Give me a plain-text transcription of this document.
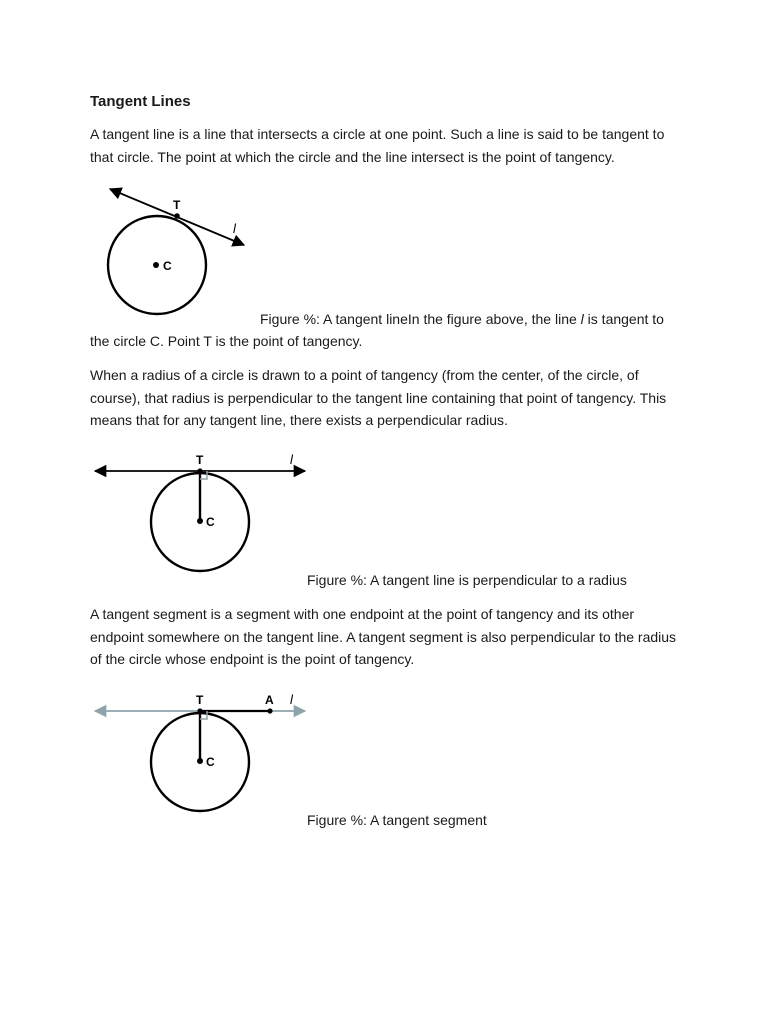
Tangent Lines

A tangent line is a line that intersects a circle at one point. Such a line is said to be tangent to that circle. The point at which the circle and the line intersect is the point of tangency.

T
l
C
Figure %: A tangent lineIn the figure above, the line l is tangent to
the circle C. Point T is the point of tangency.

When a radius of a circle is drawn to a point of tangency (from the center, of the circle, of course), that radius is perpendicular to the tangent line containing that point of tangency. This means that for any tangent line, there exists a perpendicular radius.

T	l
C
Figure %: A tangent line is perpendicular to a radius

A tangent segment is a segment with one endpoint at the point of tangency and its other endpoint somewhere on the tangent line. A tangent segment is also perpendicular to the radius of the circle whose endpoint is the point of tangency.

T	A l
C
Figure %: A tangent segment
